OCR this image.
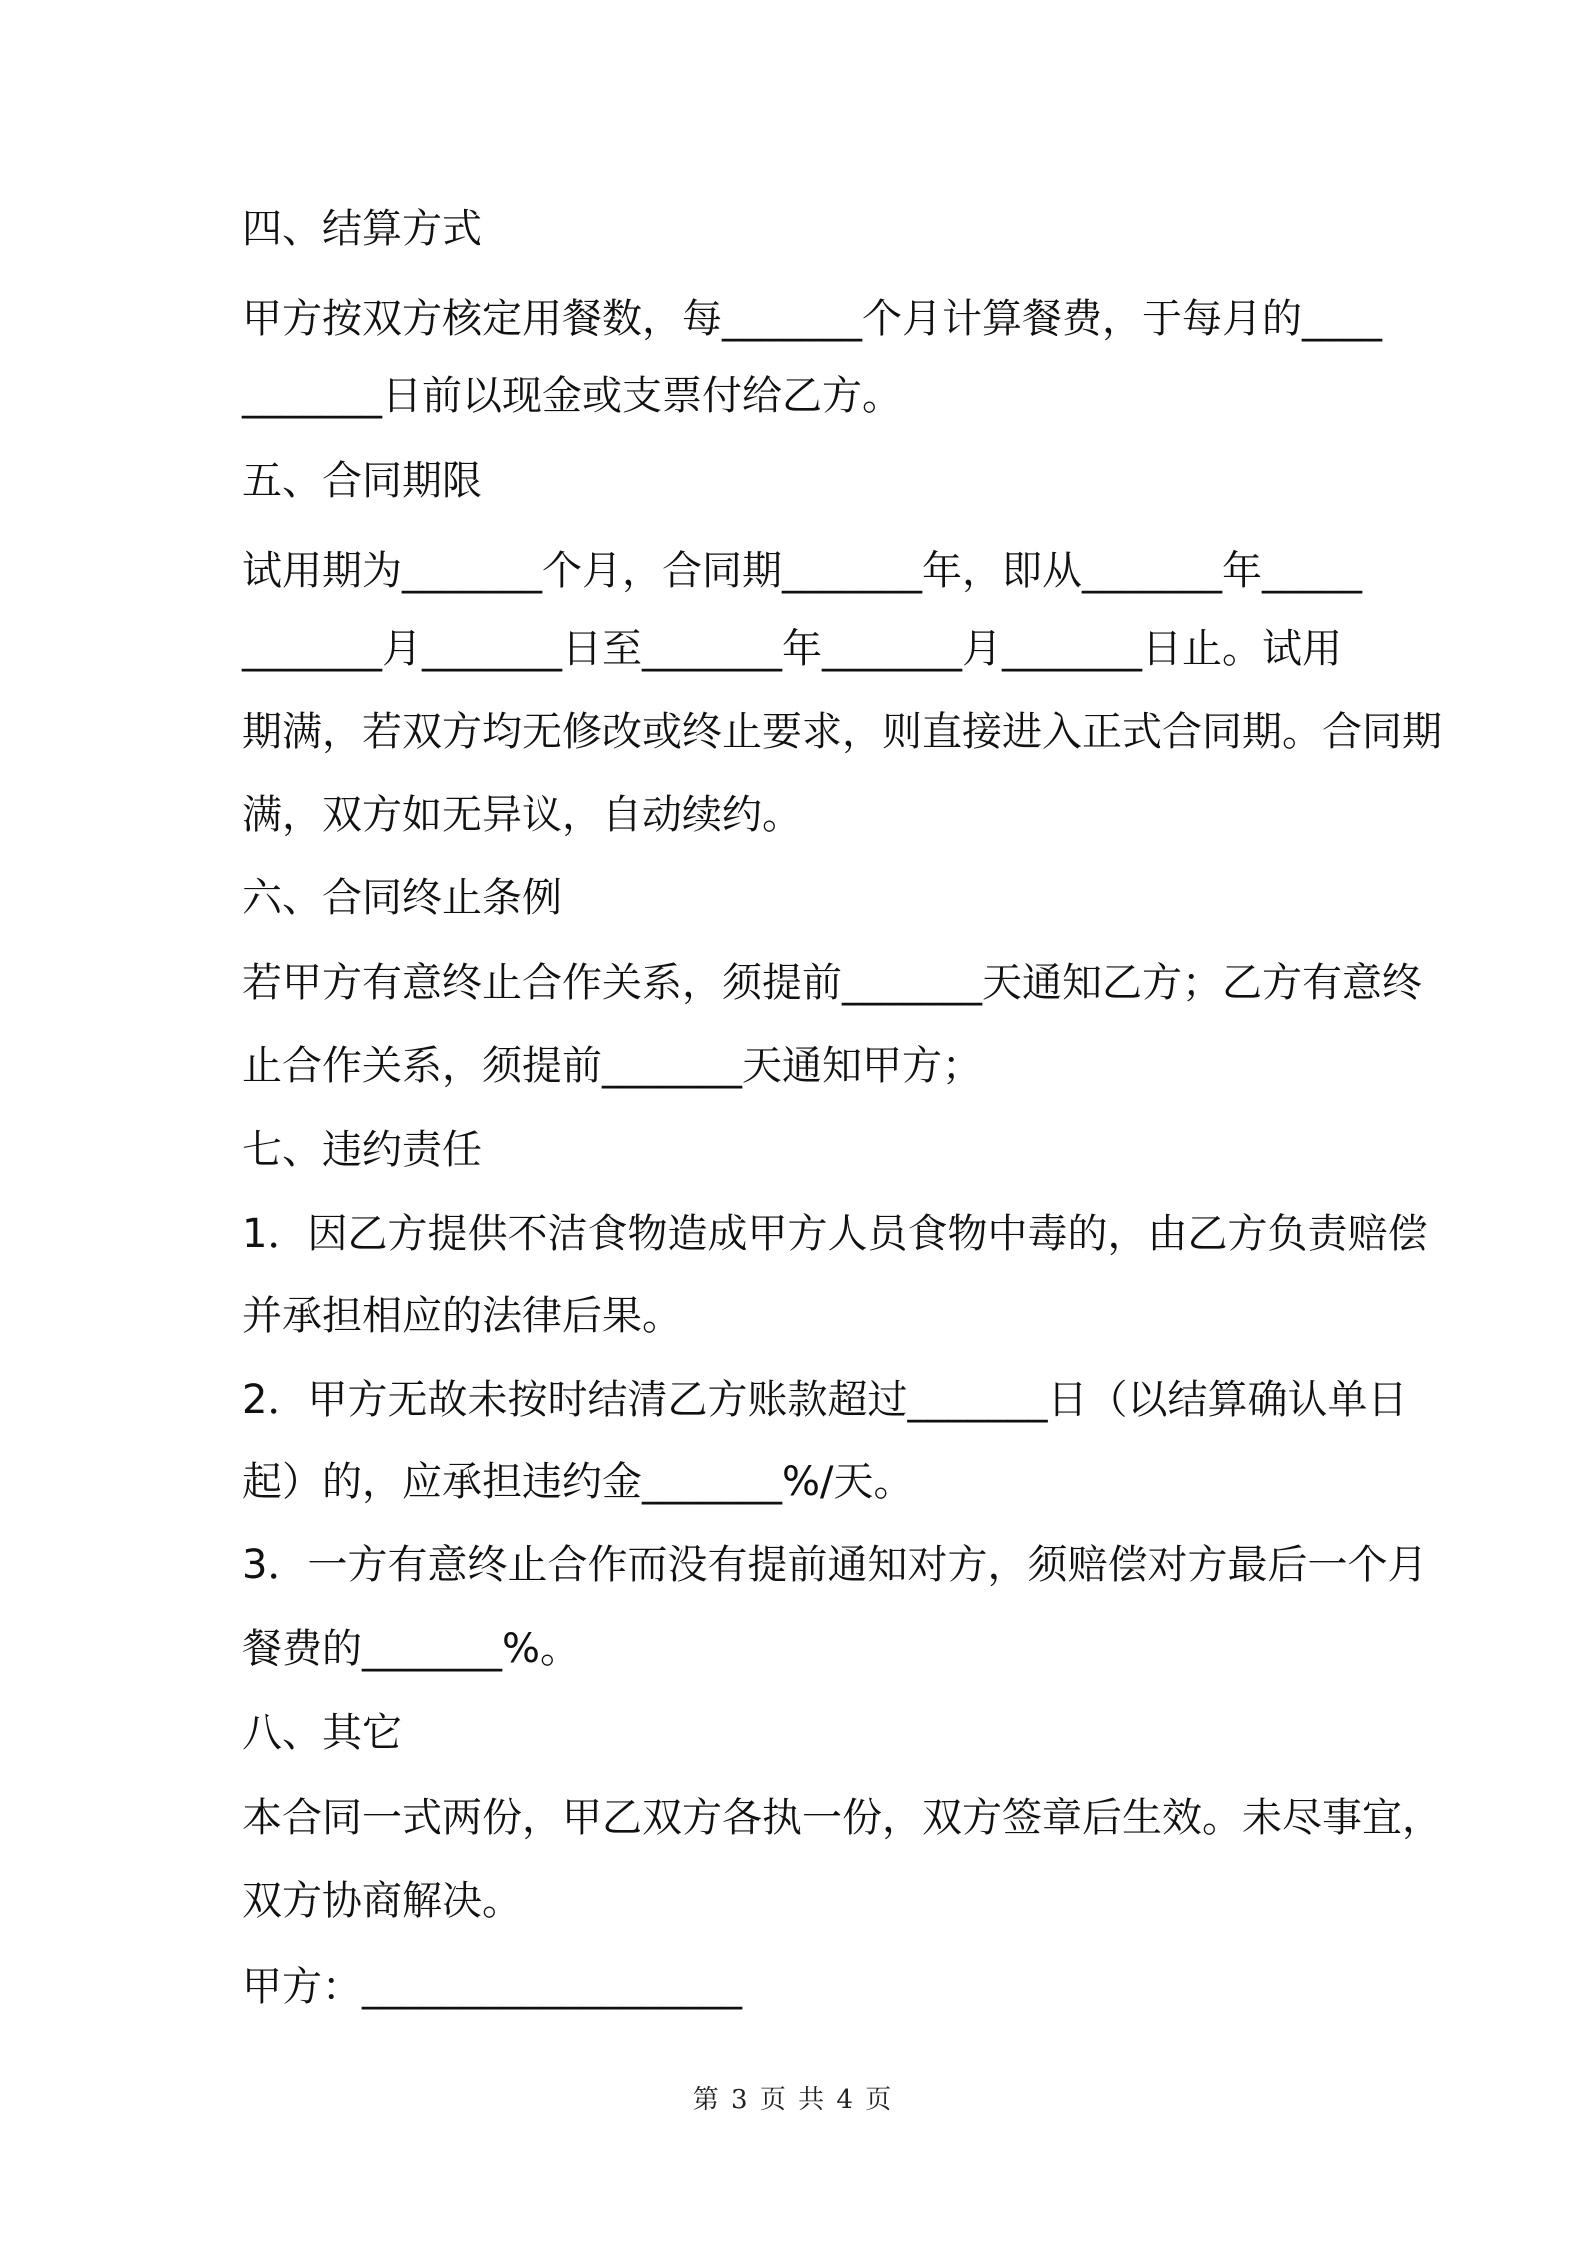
四、结算方式

甲方按双方核定用餐数，每_______个月计算餐费，于每月的____

_______日前以现金或支票付给乙方。

五、合同期限

试用期为_______个月，合同期_______年，即从_______年_____

_______月_______日至_______年_______月_______日止。试用

期满，若双方均无修改或终止要求，则直接进入正式合同期。合同期

满，双方如无异议，自动续约。

六、合同终止条例

若甲方有意终止合作关系，须提前_______天通知乙方；乙方有意终

止合作关系，须提前_______天通知甲方；

七、违约责任

1．因乙方提供不洁食物造成甲方人员食物中毒的，由乙方负责赔偿

并承担相应的法律后果。

2．甲方无故未按时结清乙方账款超过_______日（以结算确认单日

起）的，应承担违约金_______%/天。

3．一方有意终止合作而没有提前通知对方，须赔偿对方最后一个月

餐费的_______%。

八、其它

本合同一式两份，甲乙双方各执一份，双方签章后生效。未尽事宜，

双方协商解决。

甲方：___________________

第 3 页 共 4 页
